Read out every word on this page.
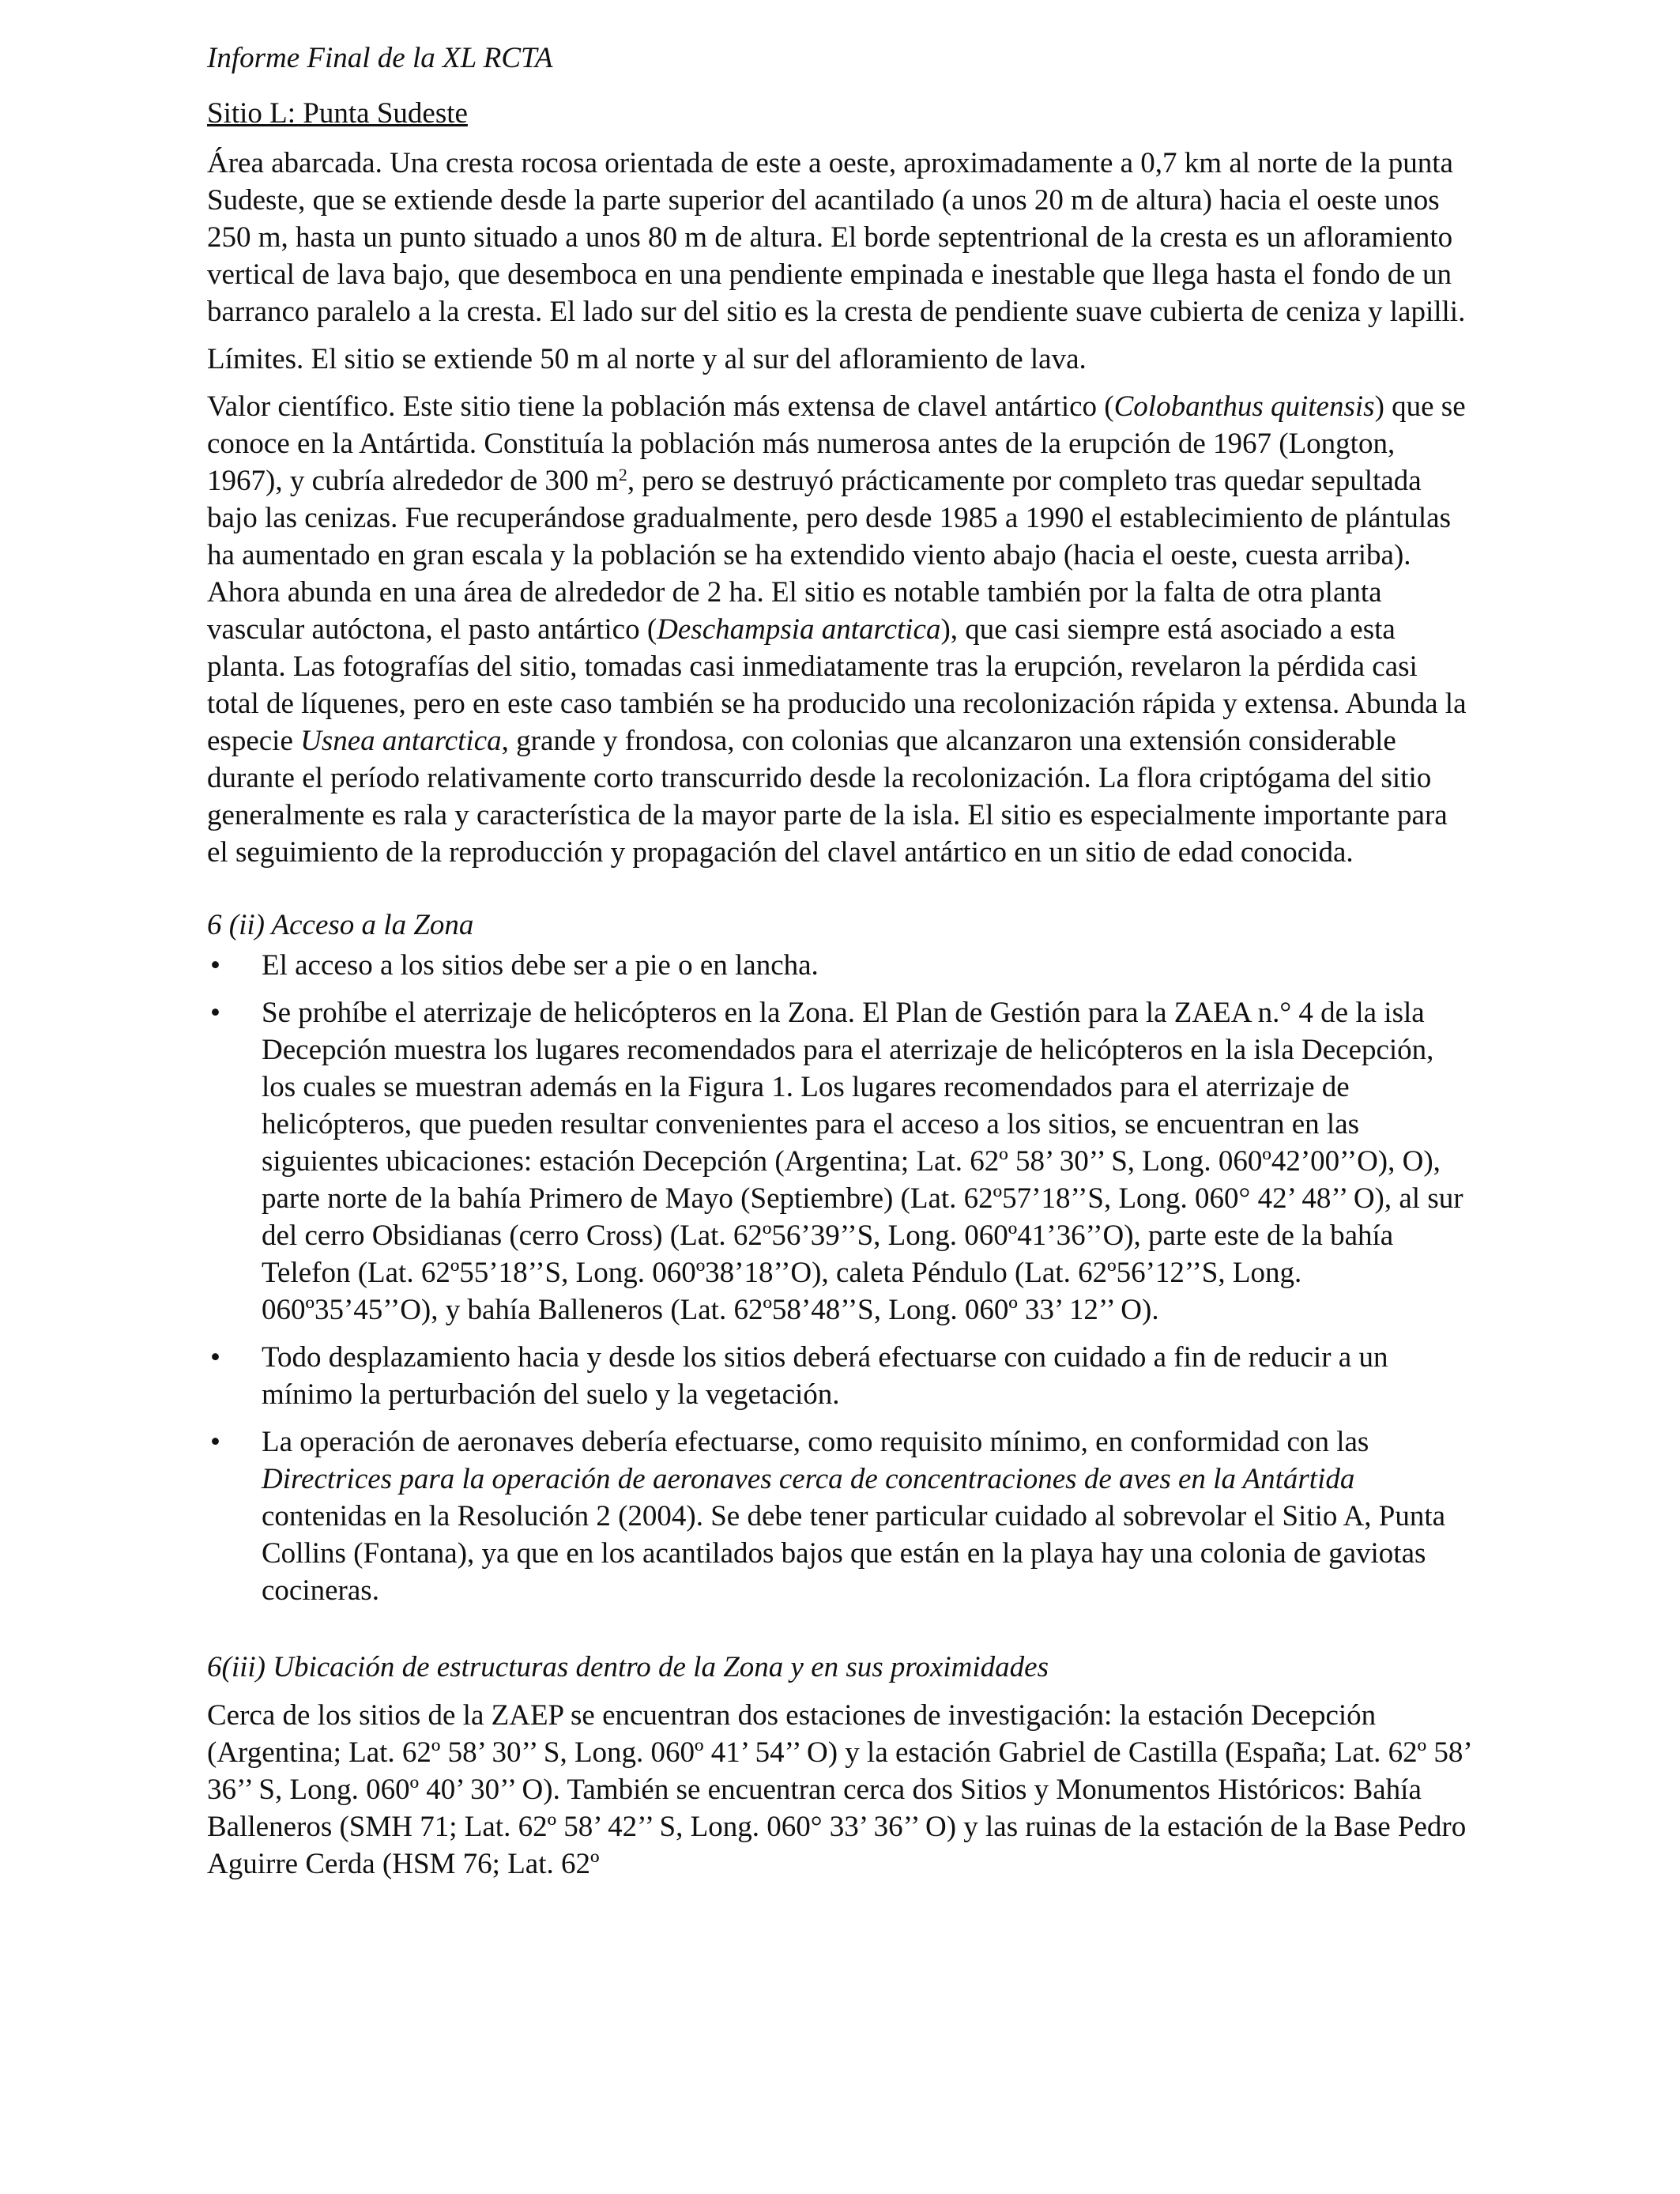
Informe Final de la XL RCTA

Sitio L: Punta Sudeste

Área abarcada. Una cresta rocosa orientada de este a oeste, aproximadamente a 0,7 km al norte de la punta Sudeste, que se extiende desde la parte superior del acantilado (a unos 20 m de altura) hacia el oeste unos 250 m, hasta un punto situado a unos 80 m de altura. El borde septentrional de la cresta es un afloramiento vertical de lava bajo, que desemboca en una pendiente empinada e inestable que llega hasta el fondo de un barranco paralelo a la cresta. El lado sur del sitio es la cresta de pendiente suave cubierta de ceniza y lapilli.

Límites. El sitio se extiende 50 m al norte y al sur del afloramiento de lava.

Valor científico. Este sitio tiene la población más extensa de clavel antártico (Colobanthus quitensis) que se conoce en la Antártida. Constituía la población más numerosa antes de la erupción de 1967 (Longton, 1967), y cubría alrededor de 300 $m^2$, pero se destruyó prácticamente por completo tras quedar sepultada bajo las cenizas. Fue recuperándose gradualmente, pero desde 1985 a 1990 el establecimiento de plántulas ha aumentado en gran escala y la población se ha extendido viento abajo (hacia el oeste, cuesta arriba). Ahora abunda en una área de alrededor de 2 ha. El sitio es notable también por la falta de otra planta vascular autóctona, el pasto antártico (Deschampsia antarctica), que casi siempre está asociado a esta planta. Las fotografías del sitio, tomadas casi inmediatamente tras la erupción, revelaron la pérdida casi total de líquenes, pero en este caso también se ha producido una recolonización rápida y extensa. Abunda la especie Usnea antarctica, grande y frondosa, con colonias que alcanzaron una extensión considerable durante el período relativamente corto transcurrido desde la recolonización. La flora criptógama del sitio generalmente es rala y característica de la mayor parte de la isla. El sitio es especialmente importante para el seguimiento de la reproducción y propagación del clavel antártico en un sitio de edad conocida.

6 (ii) Acceso a la Zona

•	El acceso a los sitios debe ser a pie o en lancha.
•	Se prohíbe el aterrizaje de helicópteros en la Zona. El Plan de Gestión para la ZAEA n.° 4 de la isla Decepción muestra los lugares recomendados para el aterrizaje de helicópteros en la isla Decepción, los cuales se muestran además en la Figura 1. Los lugares recomendados para el aterrizaje de helicópteros, que pueden resultar convenientes para el acceso a los sitios, se encuentran en las siguientes ubicaciones: estación Decepción (Argentina; Lat. 62º 58’ 30’’ S, Long. 060º42’00’’O), O), parte norte de la bahía Primero de Mayo (Septiembre) (Lat. 62º57’18’’S, Long. 060° 42’ 48’’ O), al sur del cerro Obsidianas (cerro Cross) (Lat. 62º56’39’’S, Long. 060º41’36’’O), parte este de la bahía Telefon (Lat. 62º55’18’’S, Long. 060º38’18’’O), caleta Péndulo (Lat. 62º56’12’’S, Long. 060º35’45’’O), y bahía Balleneros (Lat. 62º58’48’’S, Long. 060º 33’ 12’’ O).
•	Todo desplazamiento hacia y desde los sitios deberá efectuarse con cuidado a fin de reducir a un mínimo la perturbación del suelo y la vegetación.
•	La operación de aeronaves debería efectuarse, como requisito mínimo, en conformidad con las Directrices para la operación de aeronaves cerca de concentraciones de aves en la Antártida contenidas en la Resolución 2 (2004). Se debe tener particular cuidado al sobrevolar el Sitio A, Punta Collins (Fontana), ya que en los acantilados bajos que están en la playa hay una colonia de gaviotas cocineras.

6(iii) Ubicación de estructuras dentro de la Zona y en sus proximidades

Cerca de los sitios de la ZAEP se encuentran dos estaciones de investigación: la estación Decepción (Argentina; Lat. 62º 58’ 30’’ S, Long. 060º 41’ 54’’ O) y la estación Gabriel de Castilla (España; Lat. 62º 58’ 36’’ S, Long. 060º 40’ 30’’ O). También se encuentran cerca dos Sitios y Monumentos Históricos: Bahía Balleneros (SMH 71; Lat. 62º 58’ 42’’ S, Long. 060° 33’ 36’’ O) y las ruinas de la estación de la Base Pedro Aguirre Cerda (HSM 76; Lat. 62º
